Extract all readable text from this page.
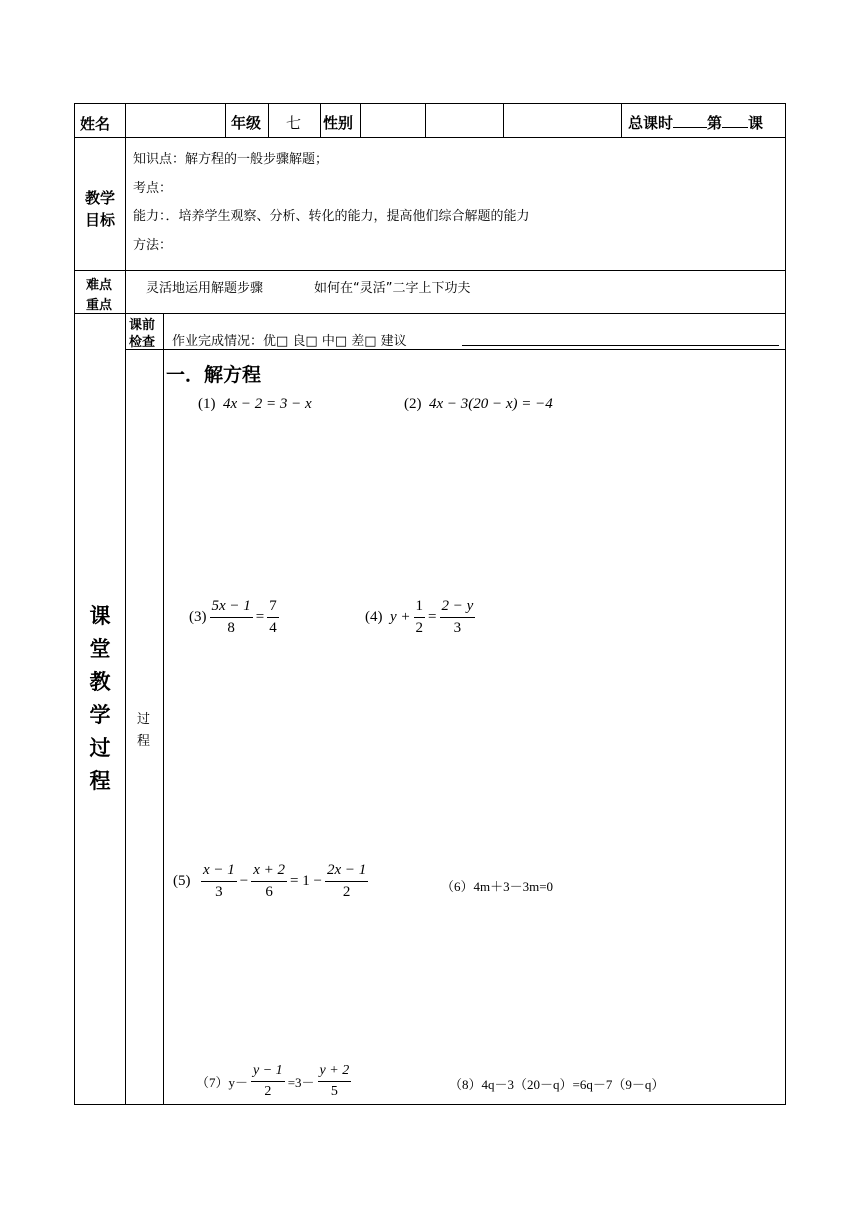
姓名	年级 七 性别	总课时 第 课
教学
目标
知识点：解方程的一般步骤解题；
考点：
能力：．培养学生观察、分析、转化的能力，提高他们综合解题的能力
方法：
难点
重点
灵活地运用解题步骤	如何在“灵活”二字上下功夫
课
堂
教
学
过
程
课前
检查 作业完成情况：优□ 良□ 中□ 差□ 建议
过
程
一．解方程
(1) 4x − 2 = 3 − x	(2) 4x − 3(20 − x) = −4
$(3) \frac{5x - 1}{8} = \frac{7}{4}$	(4) $y + \frac{1}{2} = \frac{2 - y}{3}$
$(5) \frac{x - 1}{3} - \frac{x + 2}{6} = 1 - \frac{2x - 1}{2}$	（6）4m＋3－3m=0
$(7)y- \frac{y - 1}{2} =3- \frac{y + 2}{5}$	（8）4q－3（20－q）=6q－7（9－q）
